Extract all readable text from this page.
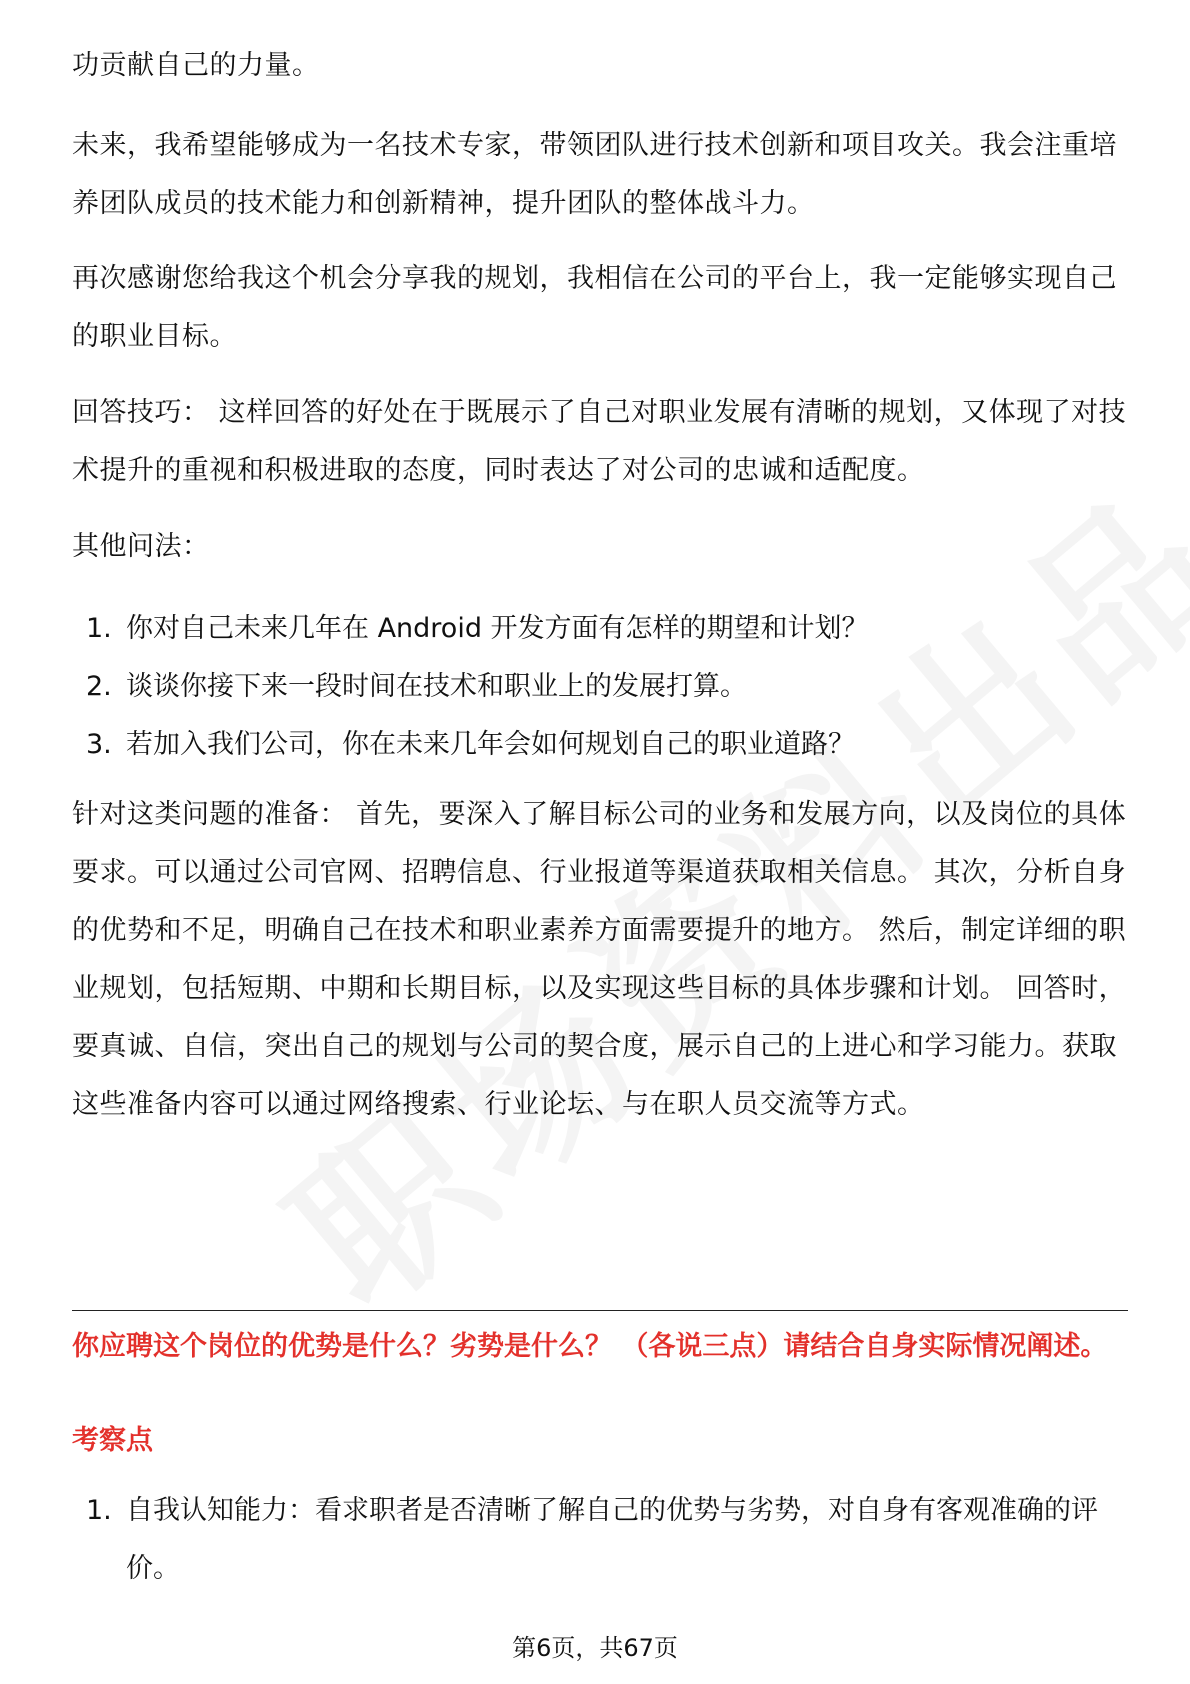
功贡献自己的力量。

未来，我希望能够成为一名技术专家，带领团队进行技术创新和项目攻关。我会注重培养团队成员的技术能力和创新精神，提升团队的整体战斗力。

再次感谢您给我这个机会分享我的规划，我相信在公司的平台上，我一定能够实现自己的职业目标。

回答技巧： 这样回答的好处在于既展示了自己对职业发展有清晰的规划，又体现了对技术提升的重视和积极进取的态度，同时表达了对公司的忠诚和适配度。

其他问法：

1. 你对自己未来几年在 Android 开发方面有怎样的期望和计划？
2. 谈谈你接下来一段时间在技术和职业上的发展打算。
3. 若加入我们公司，你在未来几年会如何规划自己的职业道路？

针对这类问题的准备： 首先，要深入了解目标公司的业务和发展方向，以及岗位的具体要求。可以通过公司官网、招聘信息、行业报道等渠道获取相关信息。 其次，分析自身的优势和不足，明确自己在技术和职业素养方面需要提升的地方。 然后，制定详细的职业规划，包括短期、中期和长期目标，以及实现这些目标的具体步骤和计划。 回答时，要真诚、自信，突出自己的规划与公司的契合度，展示自己的上进心和学习能力。获取这些准备内容可以通过网络搜索、行业论坛、与在职人员交流等方式。

你应聘这个岗位的优势是什么？劣势是什么？ （各说三点）请结合自身实际情况阐述。

考察点

1. 自我认知能力：看求职者是否清晰了解自己的优势与劣势，对自身有客观准确的评价。
第6页，共67页
